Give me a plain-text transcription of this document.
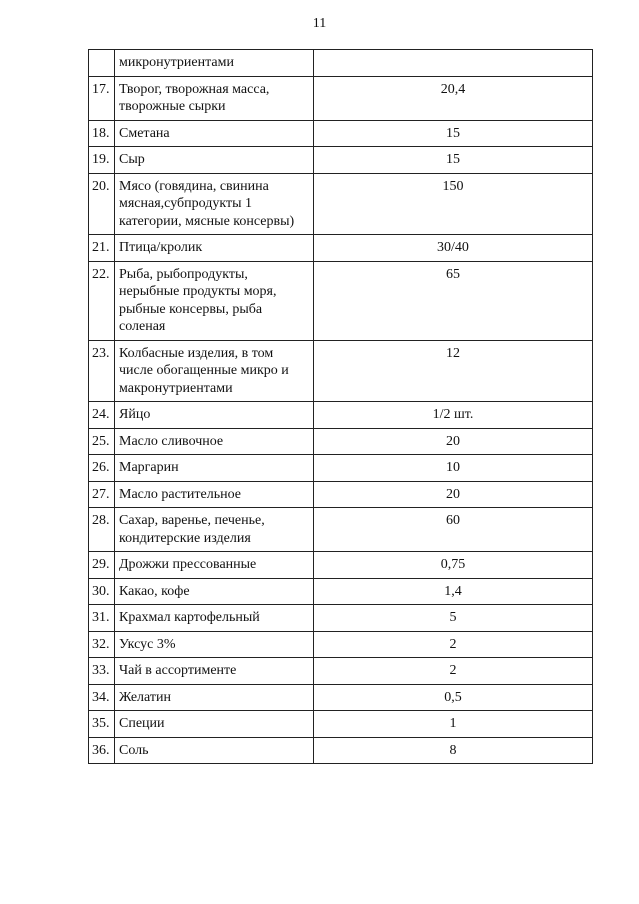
11
	микронутриентами	
17.	Творог, творожная масса, творожные сырки	20,4
18.	Сметана	15
19.	Сыр	15
20.	Мясо (говядина, свинина мясная,субпродукты 1 категории, мясные консервы)	150
21.	Птица/кролик	30/40
22.	Рыба, рыбопродукты, нерыбные продукты моря, рыбные консервы, рыба соленая	65
23.	Колбасные изделия, в том числе обогащенные микро и макронутриентами	12
24.	Яйцо	1/2 шт.
25.	Масло сливочное	20
26.	Маргарин	10
27.	Масло растительное	20
28.	Сахар, варенье, печенье, кондитерские изделия	60
29.	Дрожжи прессованные	0,75
30.	Какао, кофе	1,4
31.	Крахмал картофельный	5
32.	Уксус 3%	2
33.	Чай в ассортименте	2
34.	Желатин	0,5
35.	Специи	1
36.	Соль	8
